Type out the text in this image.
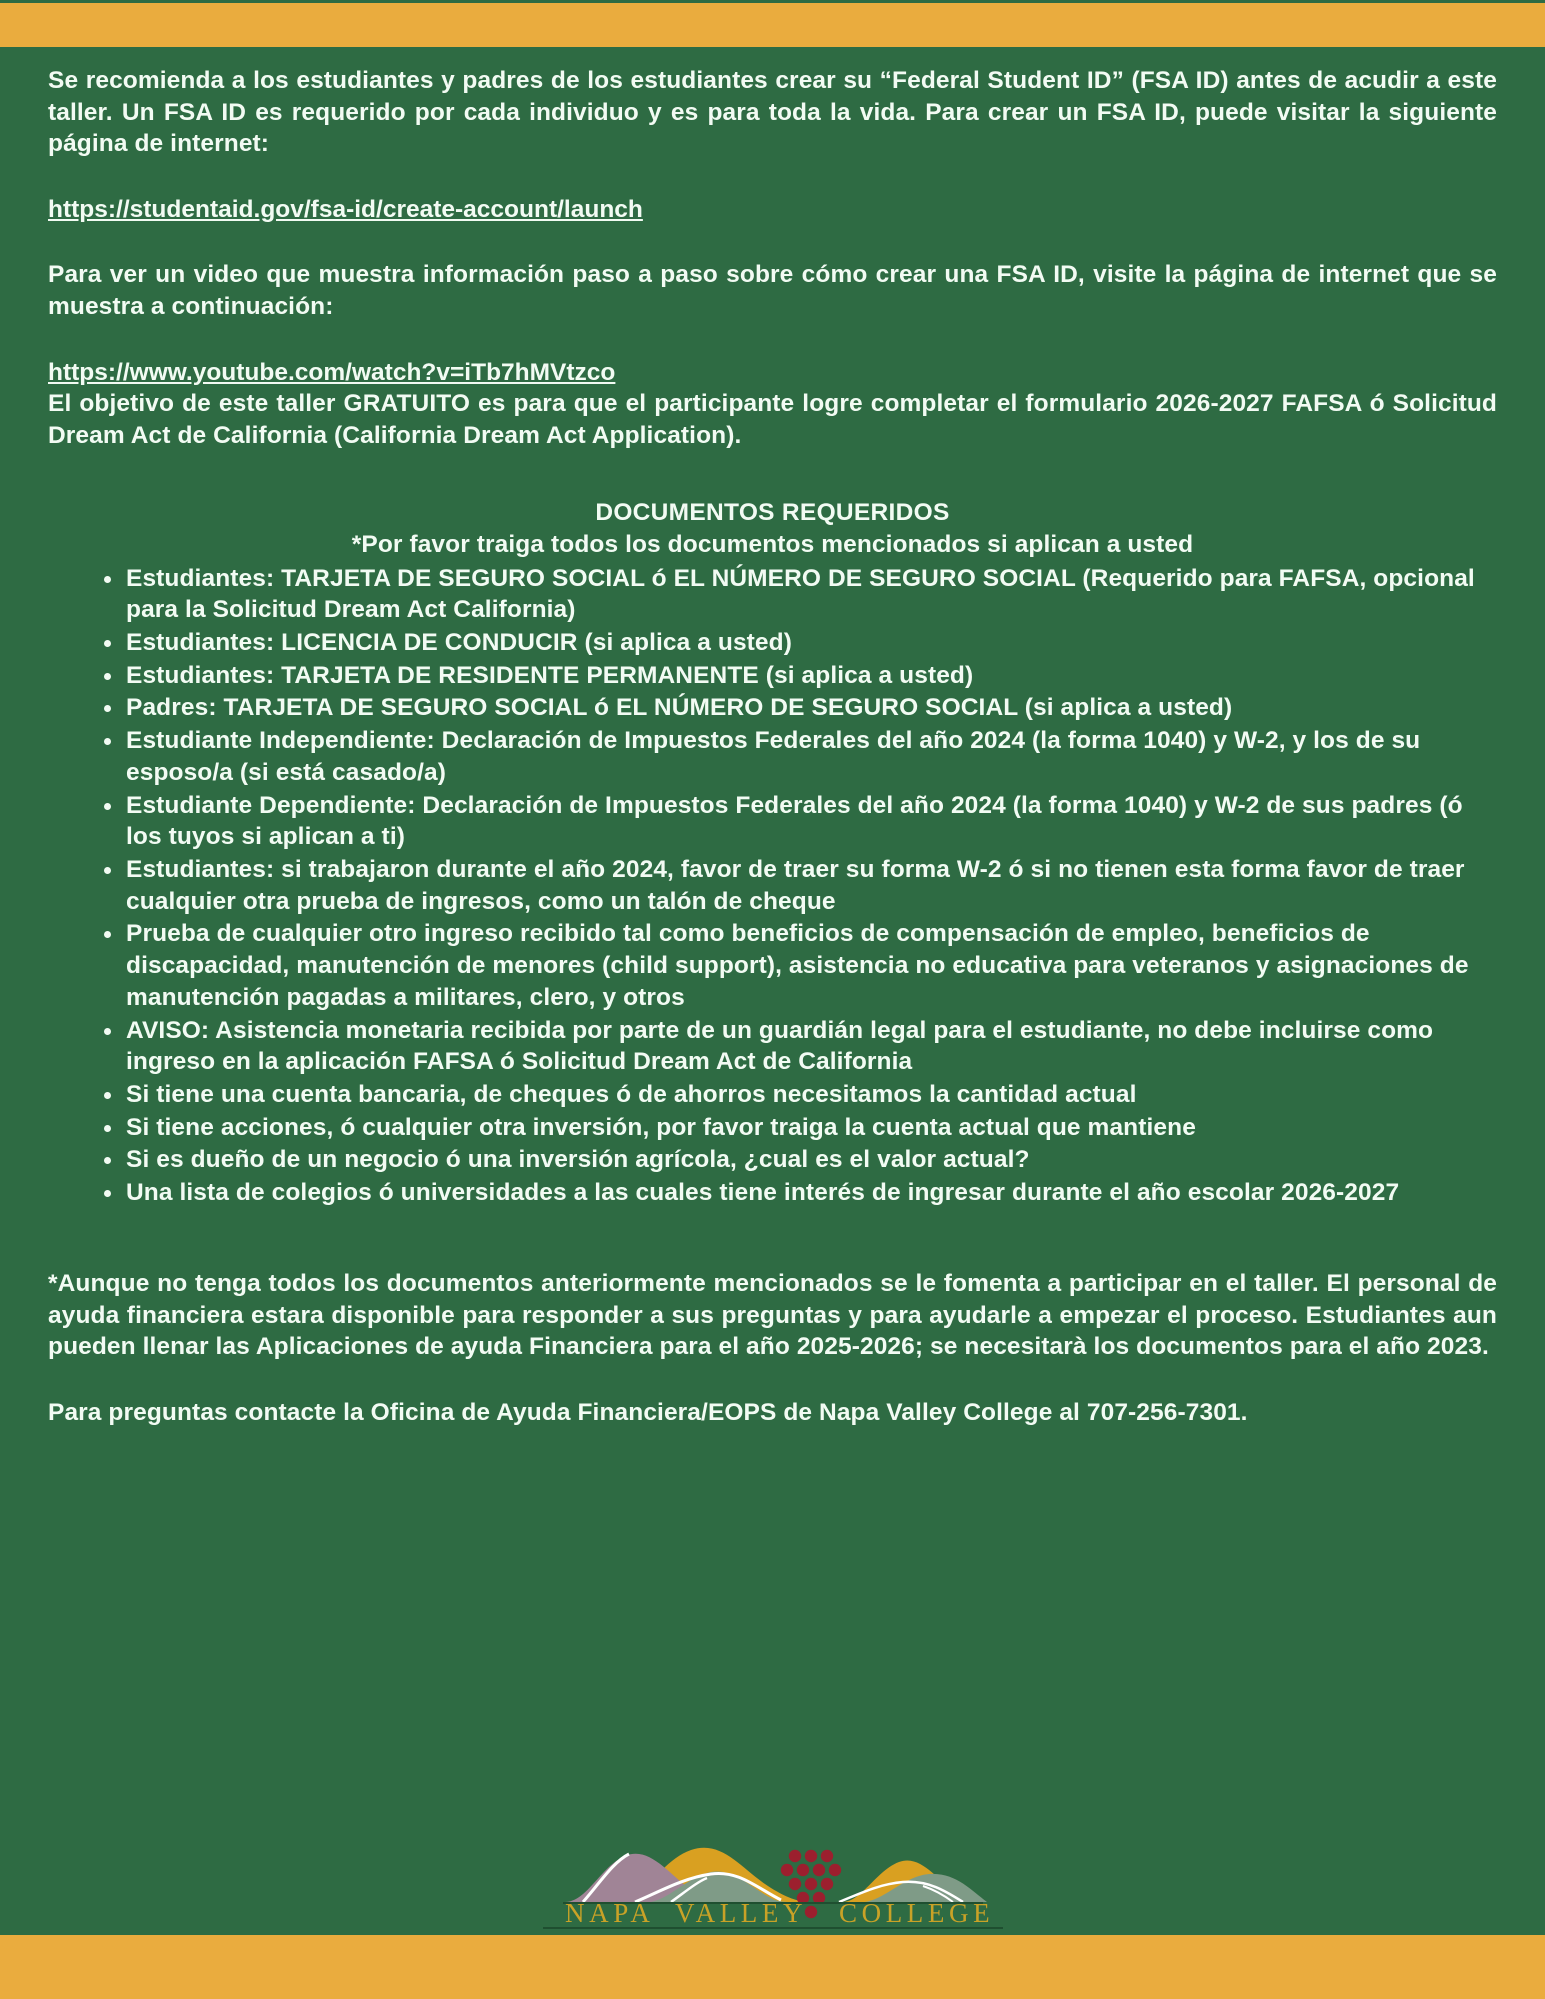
Se recomienda a los estudiantes y padres de los estudiantes crear su “Federal Student ID” (FSA ID) antes de acudir a este taller. Un FSA ID es requerido por cada individuo y es para toda la vida. Para crear un FSA ID, puede visitar la siguiente página de internet:

https://studentaid.gov/fsa-id/create-account/launch

Para ver un video que muestra información paso a paso sobre cómo crear una FSA ID, visite la página de internet que se muestra a continuación:

https://www.youtube.com/watch?v=iTb7hMVtzco

El objetivo de este taller GRATUITO es para que el participante logre completar el formulario 2026-2027 FAFSA ó Solicitud Dream Act de California (California Dream Act Application).

DOCUMENTOS REQUERIDOS
*Por favor traiga todos los documentos mencionados si aplican a usted
Estudiantes: TARJETA DE SEGURO SOCIAL ó EL NÚMERO DE SEGURO SOCIAL (Requerido para FAFSA, opcional para la Solicitud Dream Act California)
Estudiantes: LICENCIA DE CONDUCIR (si aplica a usted)
Estudiantes: TARJETA DE RESIDENTE PERMANENTE (si aplica a usted)
Padres: TARJETA DE SEGURO SOCIAL ó EL NÚMERO DE SEGURO SOCIAL (si aplica a usted)
Estudiante Independiente: Declaración de Impuestos Federales del año 2024 (la forma 1040) y W-2, y los de su esposo/a (si está casado/a)
Estudiante Dependiente: Declaración de Impuestos Federales del año 2024 (la forma 1040) y W-2 de sus padres (ó los tuyos si aplican a ti)
Estudiantes: si trabajaron durante el año 2024, favor de traer su forma W-2 ó si no tienen esta forma favor de traer cualquier otra prueba de ingresos, como un talón de cheque
Prueba de cualquier otro ingreso recibido tal como beneficios de compensación de empleo, beneficios de discapacidad, manutención de menores (child support), asistencia no educativa para veteranos y asignaciones de manutención pagadas a militares, clero, y otros
AVISO: Asistencia monetaria recibida por parte de un guardián legal para el estudiante, no debe incluirse como ingreso en la aplicación FAFSA ó Solicitud Dream Act de California
Si tiene una cuenta bancaria, de cheques ó de ahorros necesitamos la cantidad actual
Si tiene acciones, ó cualquier otra inversión, por favor traiga la cuenta actual que mantiene
Si es dueño de un negocio ó una inversión agrícola, ¿cual es el valor actual?
Una lista de colegios ó universidades a las cuales tiene interés de ingresar durante el año escolar 2026-2027

*Aunque no tenga todos los documentos anteriormente mencionados se le fomenta a participar en el taller. El personal de ayuda financiera estara disponible para responder a sus preguntas y para ayudarle a empezar el proceso. Estudiantes aun pueden llenar las Aplicaciones de ayuda Financiera para el año 2025-2026; se necesitarà los documentos para el año 2023.

Para preguntas contacte la Oficina de Ayuda Financiera/EOPS de Napa Valley College al 707-256-7301.

NAPA VALLEY COLLEGE
